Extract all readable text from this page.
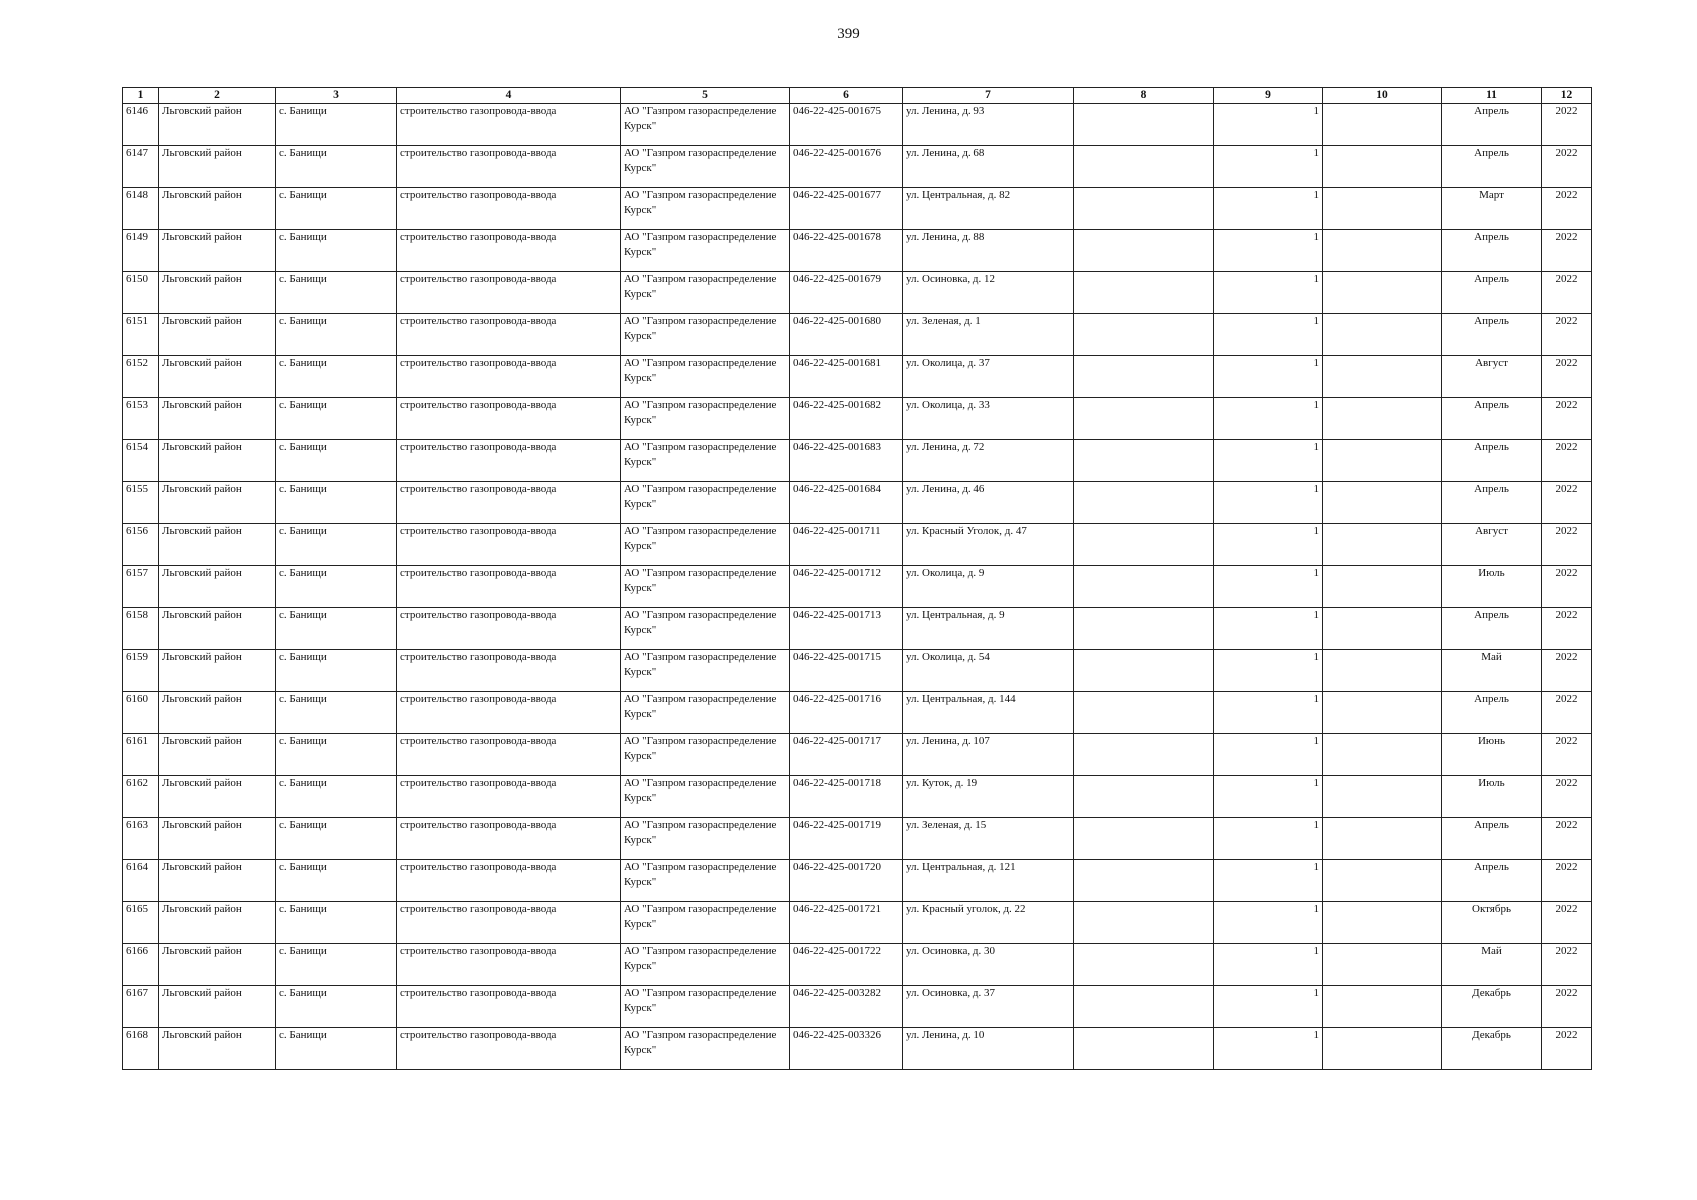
399
1	2	3	4	5	6	7	8	9	10	11	12
6146	Льговский район	с. Банищи	строительство газопровода-ввода	АО "Газпром газораспределение Курск"	046-22-425-001675	ул. Ленина, д. 93		1		Апрель	2022
6147	Льговский район	с. Банищи	строительство газопровода-ввода	АО "Газпром газораспределение Курск"	046-22-425-001676	ул. Ленина, д. 68		1		Апрель	2022
6148	Льговский район	с. Банищи	строительство газопровода-ввода	АО "Газпром газораспределение Курск"	046-22-425-001677	ул. Центральная, д. 82		1		Март	2022
6149	Льговский район	с. Банищи	строительство газопровода-ввода	АО "Газпром газораспределение Курск"	046-22-425-001678	ул. Ленина, д. 88		1		Апрель	2022
6150	Льговский район	с. Банищи	строительство газопровода-ввода	АО "Газпром газораспределение Курск"	046-22-425-001679	ул. Осиновка, д. 12		1		Апрель	2022
6151	Льговский район	с. Банищи	строительство газопровода-ввода	АО "Газпром газораспределение Курск"	046-22-425-001680	ул. Зеленая, д. 1		1		Апрель	2022
6152	Льговский район	с. Банищи	строительство газопровода-ввода	АО "Газпром газораспределение Курск"	046-22-425-001681	ул. Околица, д. 37		1		Август	2022
6153	Льговский район	с. Банищи	строительство газопровода-ввода	АО "Газпром газораспределение Курск"	046-22-425-001682	ул. Околица, д. 33		1		Апрель	2022
6154	Льговский район	с. Банищи	строительство газопровода-ввода	АО "Газпром газораспределение Курск"	046-22-425-001683	ул. Ленина, д. 72		1		Апрель	2022
6155	Льговский район	с. Банищи	строительство газопровода-ввода	АО "Газпром газораспределение Курск"	046-22-425-001684	ул. Ленина, д. 46		1		Апрель	2022
6156	Льговский район	с. Банищи	строительство газопровода-ввода	АО "Газпром газораспределение Курск"	046-22-425-001711	ул. Красный Уголок, д. 47		1		Август	2022
6157	Льговский район	с. Банищи	строительство газопровода-ввода	АО "Газпром газораспределение Курск"	046-22-425-001712	ул. Околица, д. 9		1		Июль	2022
6158	Льговский район	с. Банищи	строительство газопровода-ввода	АО "Газпром газораспределение Курск"	046-22-425-001713	ул. Центральная, д. 9		1		Апрель	2022
6159	Льговский район	с. Банищи	строительство газопровода-ввода	АО "Газпром газораспределение Курск"	046-22-425-001715	ул. Околица, д. 54		1		Май	2022
6160	Льговский район	с. Банищи	строительство газопровода-ввода	АО "Газпром газораспределение Курск"	046-22-425-001716	ул. Центральная, д. 144		1		Апрель	2022
6161	Льговский район	с. Банищи	строительство газопровода-ввода	АО "Газпром газораспределение Курск"	046-22-425-001717	ул. Ленина, д. 107		1		Июнь	2022
6162	Льговский район	с. Банищи	строительство газопровода-ввода	АО "Газпром газораспределение Курск"	046-22-425-001718	ул. Куток, д. 19		1		Июль	2022
6163	Льговский район	с. Банищи	строительство газопровода-ввода	АО "Газпром газораспределение Курск"	046-22-425-001719	ул. Зеленая, д. 15		1		Апрель	2022
6164	Льговский район	с. Банищи	строительство газопровода-ввода	АО "Газпром газораспределение Курск"	046-22-425-001720	ул. Центральная, д. 121		1		Апрель	2022
6165	Льговский район	с. Банищи	строительство газопровода-ввода	АО "Газпром газораспределение Курск"	046-22-425-001721	ул. Красный уголок, д. 22		1		Октябрь	2022
6166	Льговский район	с. Банищи	строительство газопровода-ввода	АО "Газпром газораспределение Курск"	046-22-425-001722	ул. Осиновка, д. 30		1		Май	2022
6167	Льговский район	с. Банищи	строительство газопровода-ввода	АО "Газпром газораспределение Курск"	046-22-425-003282	ул. Осиновка, д. 37		1		Декабрь	2022
6168	Льговский район	с. Банищи	строительство газопровода-ввода	АО "Газпром газораспределение Курск"	046-22-425-003326	ул. Ленина, д. 10		1		Декабрь	2022
